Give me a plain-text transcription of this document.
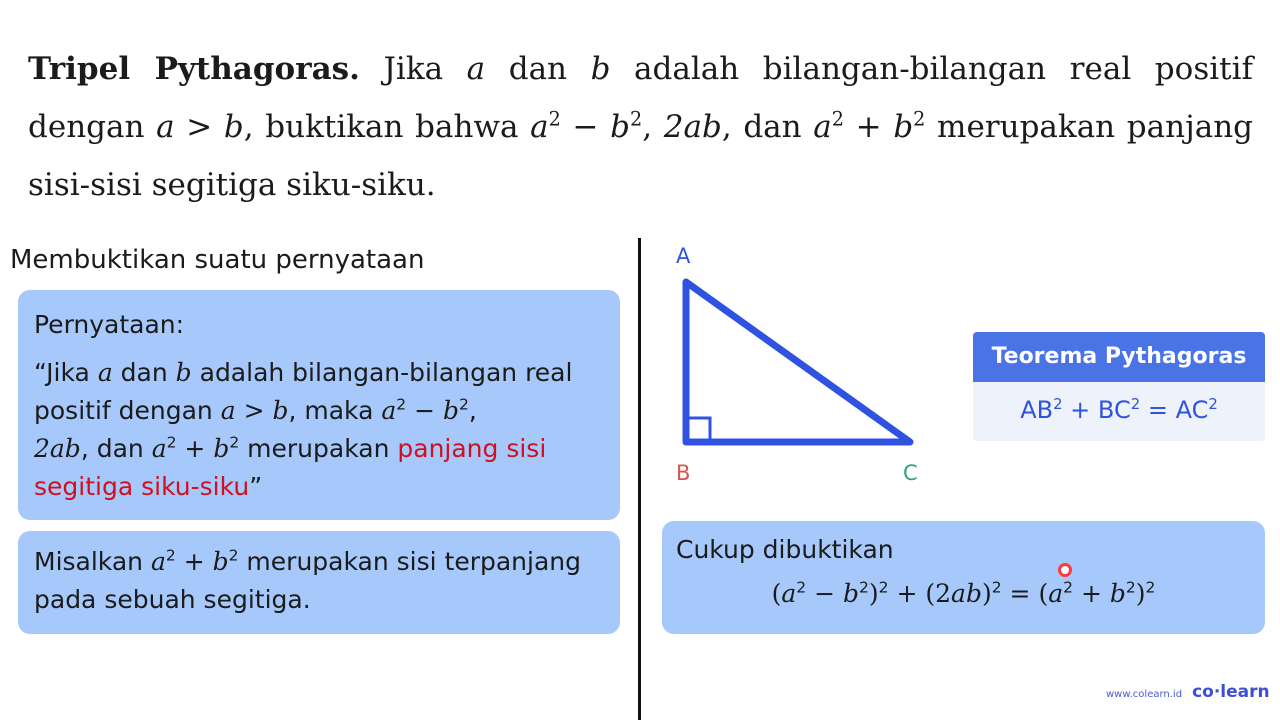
Tripel Pythagoras. Jika a dan b adalah bilangan-bilangan real positif dengan a > b, buktikan bahwa $a^2 - b^2$, 2ab, dan $a^2 + b^2$ merupakan panjang sisi-sisi segitiga siku-siku.
Membuktikan suatu pernyataan
Pernyataan:
“Jika a dan b adalah bilangan-bilangan real positif dengan a > b, maka $a^2 - b^2$,
2ab, dan $a^2 + b^2$ merupakan panjang sisi segitiga siku-siku”
Misalkan $a^2 + b^2$ merupakan sisi terpanjang pada sebuah segitiga.
A
B	C
Teorema Pythagoras
$AB^2 + BC^2 = AC^2$
Cukup dibuktikan
$(a^2 - b^2)^2 + (2ab)^2 = (a^2 + b^2)^2$
www.colearn.id co·learn
